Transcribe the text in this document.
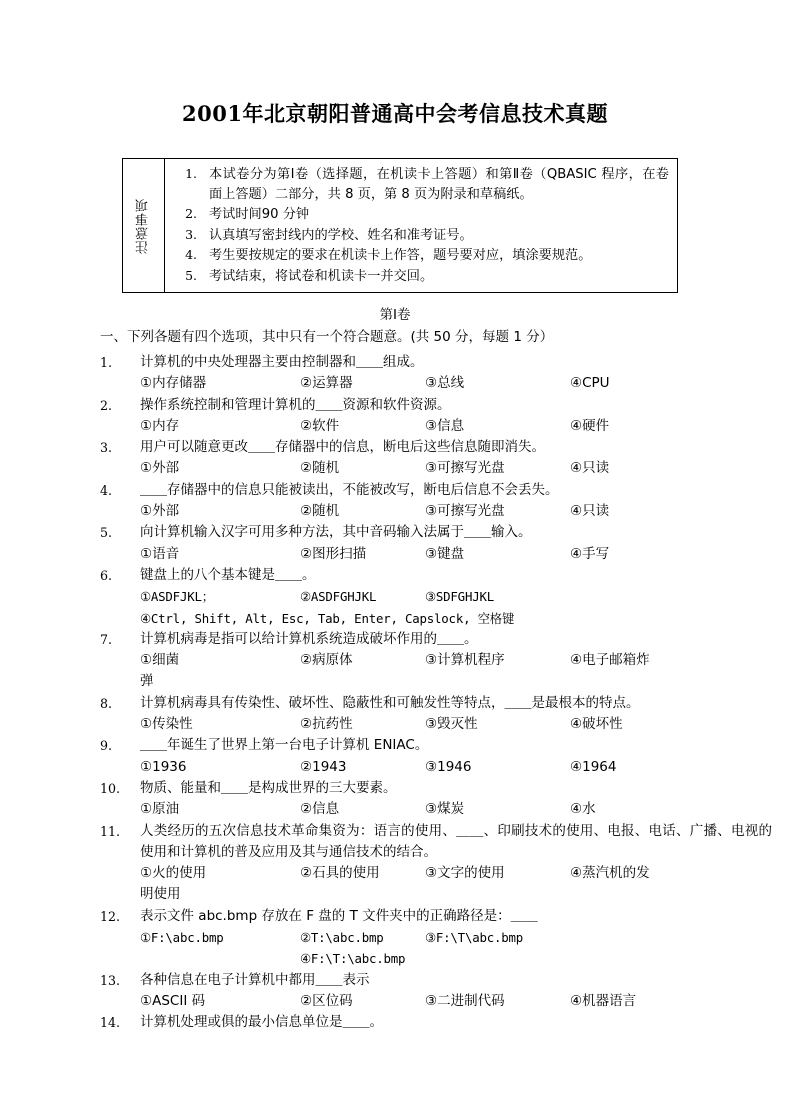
2001年北京朝阳普通高中会考信息技术真题
注意事项
1. 本试卷分为第Ⅰ卷（选择题，在机读卡上答题）和第Ⅱ卷（QBASIC 程序，在卷面上答题）二部分，共 8 页，第 8 页为附录和草稿纸。
2. 考试时间90 分钟
3. 认真填写密封线内的学校、姓名和准考证号。
4. 考生要按规定的要求在机读卡上作答，题号要对应，填涂要规范。
5. 考试结束，将试卷和机读卡一并交回。
第Ⅰ卷
一、下列各题有四个选项，其中只有一个符合题意。(共 50 分，每题 1 分）
1.	计算机的中央处理器主要由控制器和＿＿组成。
①内存储器	②运算器	③总线	④CPU
2.	操作系统控制和管理计算机的＿＿资源和软件资源。
①内存	②软件	③信息	④硬件
3.	用户可以随意更改＿＿存储器中的信息，断电后这些信息随即消失。
①外部	②随机	③可擦写光盘	④只读
4.	＿＿存储器中的信息只能被读出，不能被改写，断电后信息不会丢失。
①外部	②随机	③可擦写光盘	④只读
5.	向计算机输入汉字可用多种方法，其中音码输入法属于＿＿输入。
①语音	②图形扫描	③键盘	④手写
6.	键盘上的八个基本键是＿＿。
①ASDFJKL；	②ASDFGHJKL	③SDFGHJKL
④Ctrl, Shift, Alt, Esc, Tab, Enter, Capslock, 空格键
7.	计算机病毒是指可以给计算机系统造成破坏作用的＿＿。
①细菌	②病原体	③计算机程序	④电子邮箱炸
弹
8.	计算机病毒具有传染性、破坏性、隐蔽性和可触发性等特点，＿＿是最根本的特点。
①传染性	②抗药性	③毁灭性	④破坏性
9.	＿＿年诞生了世界上第一台电子计算机 ENIAC。
①1936	②1943	③1946	④1964
10.	物质、能量和＿＿是构成世界的三大要素。
①原油	②信息	③煤炭	④水
11.	人类经历的五次信息技术革命集资为：语言的使用、＿＿、印刷技术的使用、电报、电话、广播、电视的使用和计算机的普及应用及其与通信技术的结合。
①火的使用	②石具的使用	③文字的使用	④蒸汽机的发
明使用
12.	表示文件 abc.bmp 存放在 F 盘的 T 文件夹中的正确路径是：＿＿
①F:\abc.bmp	②T:\abc.bmp	③F:\T\abc.bmp
④F:\T:\abc.bmp
13.	各种信息在电子计算机中都用＿＿表示
①ASCII 码	②区位码	③二进制代码	④机器语言
14.	计算机处理或俱的最小信息单位是＿＿。
